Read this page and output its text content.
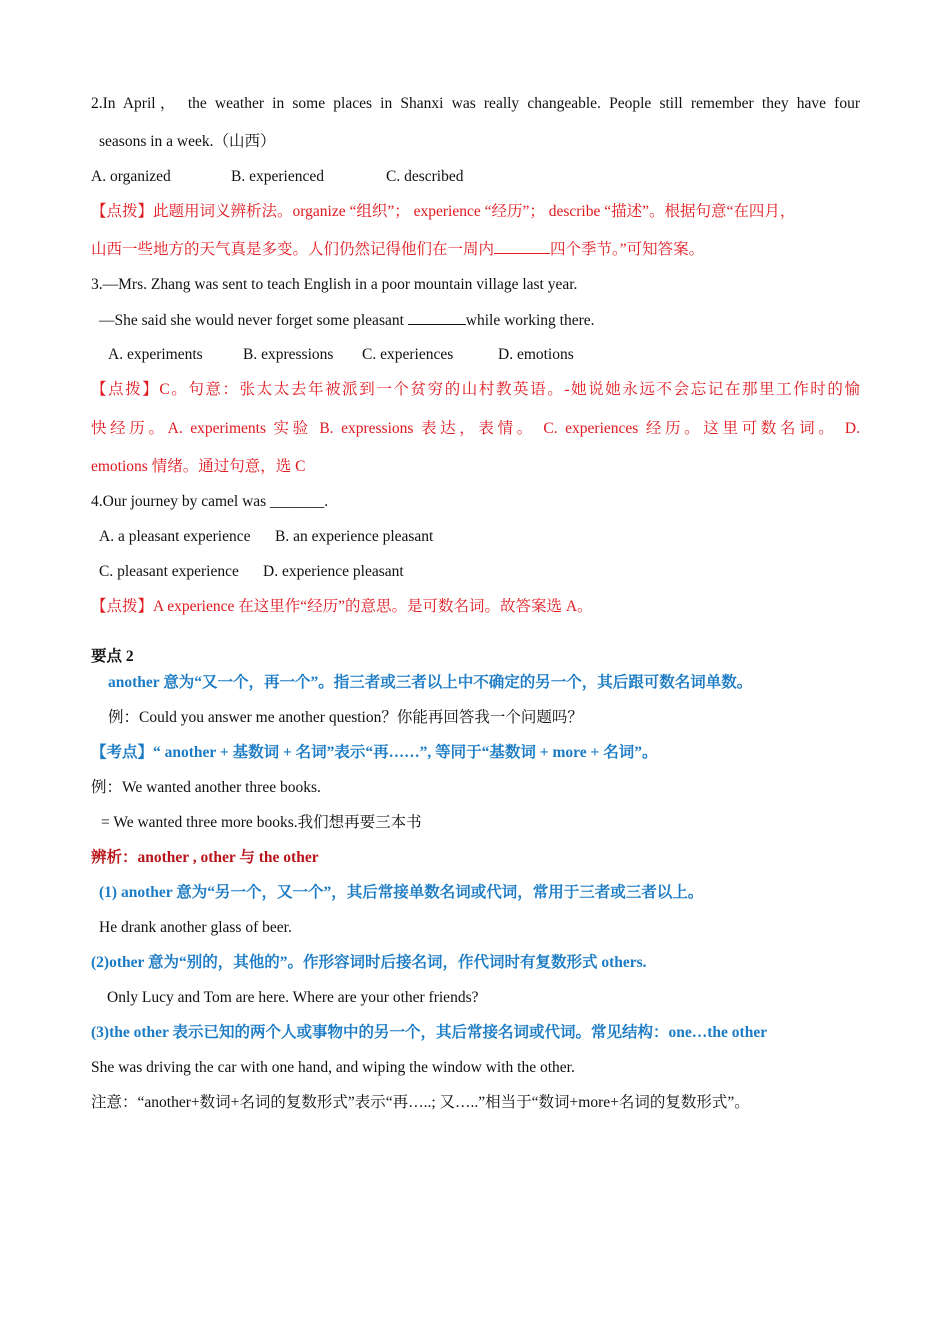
2.In April， the weather in some places in Shanxi was really changeable. People still remember they have four
seasons in a week.（山西）
A. organized	B. experienced	C. described
【点拨】此题用词义辨析法。organize “组织”； experience “经历”； describe “描述”。根据句意“在四月，
山西一些地方的天气真是多变。人们仍然记得他们在一周内	四个季节。”可知答案。
3.—Mrs. Zhang was sent to teach English in a poor mountain village last year.
—She said she would never forget some pleasant	while working there.
A. experiments	B. expressions C. experiences	D. emotions
【点拨】C。句意：张太太去年被派到一个贫穷的山村教英语。-她说她永远不会忘记在那里工作时的愉
快经历。A. experiments 实验 B. expressions 表达，表情。 C. experiences 经历。这里可数名词。 D.
emotions 情绪。通过句意，选 C
4.Our journey by camel was _______.
A. a pleasant experience B. an experience pleasant
C. pleasant experience D. experience pleasant
【点拨】A experience 在这里作“经历”的意思。是可数名词。故答案选 A。
要点 2
another 意为“又一个，再一个”。指三者或三者以上中不确定的另一个，其后跟可数名词单数。
例：Could you answer me another question？你能再回答我一个问题吗？
【考点】“ another + 基数词 + 名词”表示“再……”, 等同于“基数词 + more + 名词”。
例：We wanted another three books.
= We wanted three more books.我们想再要三本书
辨析：another , other 与 the other
(1) another 意为“另一个，又一个”，其后常接单数名词或代词，常用于三者或三者以上。
He drank another glass of beer.
(2)other 意为“别的，其他的”。作形容词时后接名词，作代词时有复数形式 others.
Only Lucy and Tom are here. Where are your other friends?
(3)the other 表示已知的两个人或事物中的另一个，其后常接名词或代词。常见结构：one…the other
She was driving the car with one hand, and wiping the window with the other.
注意：“another+数词+名词的复数形式”表示“再…..; 又…..”相当于“数词+more+名词的复数形式”。
